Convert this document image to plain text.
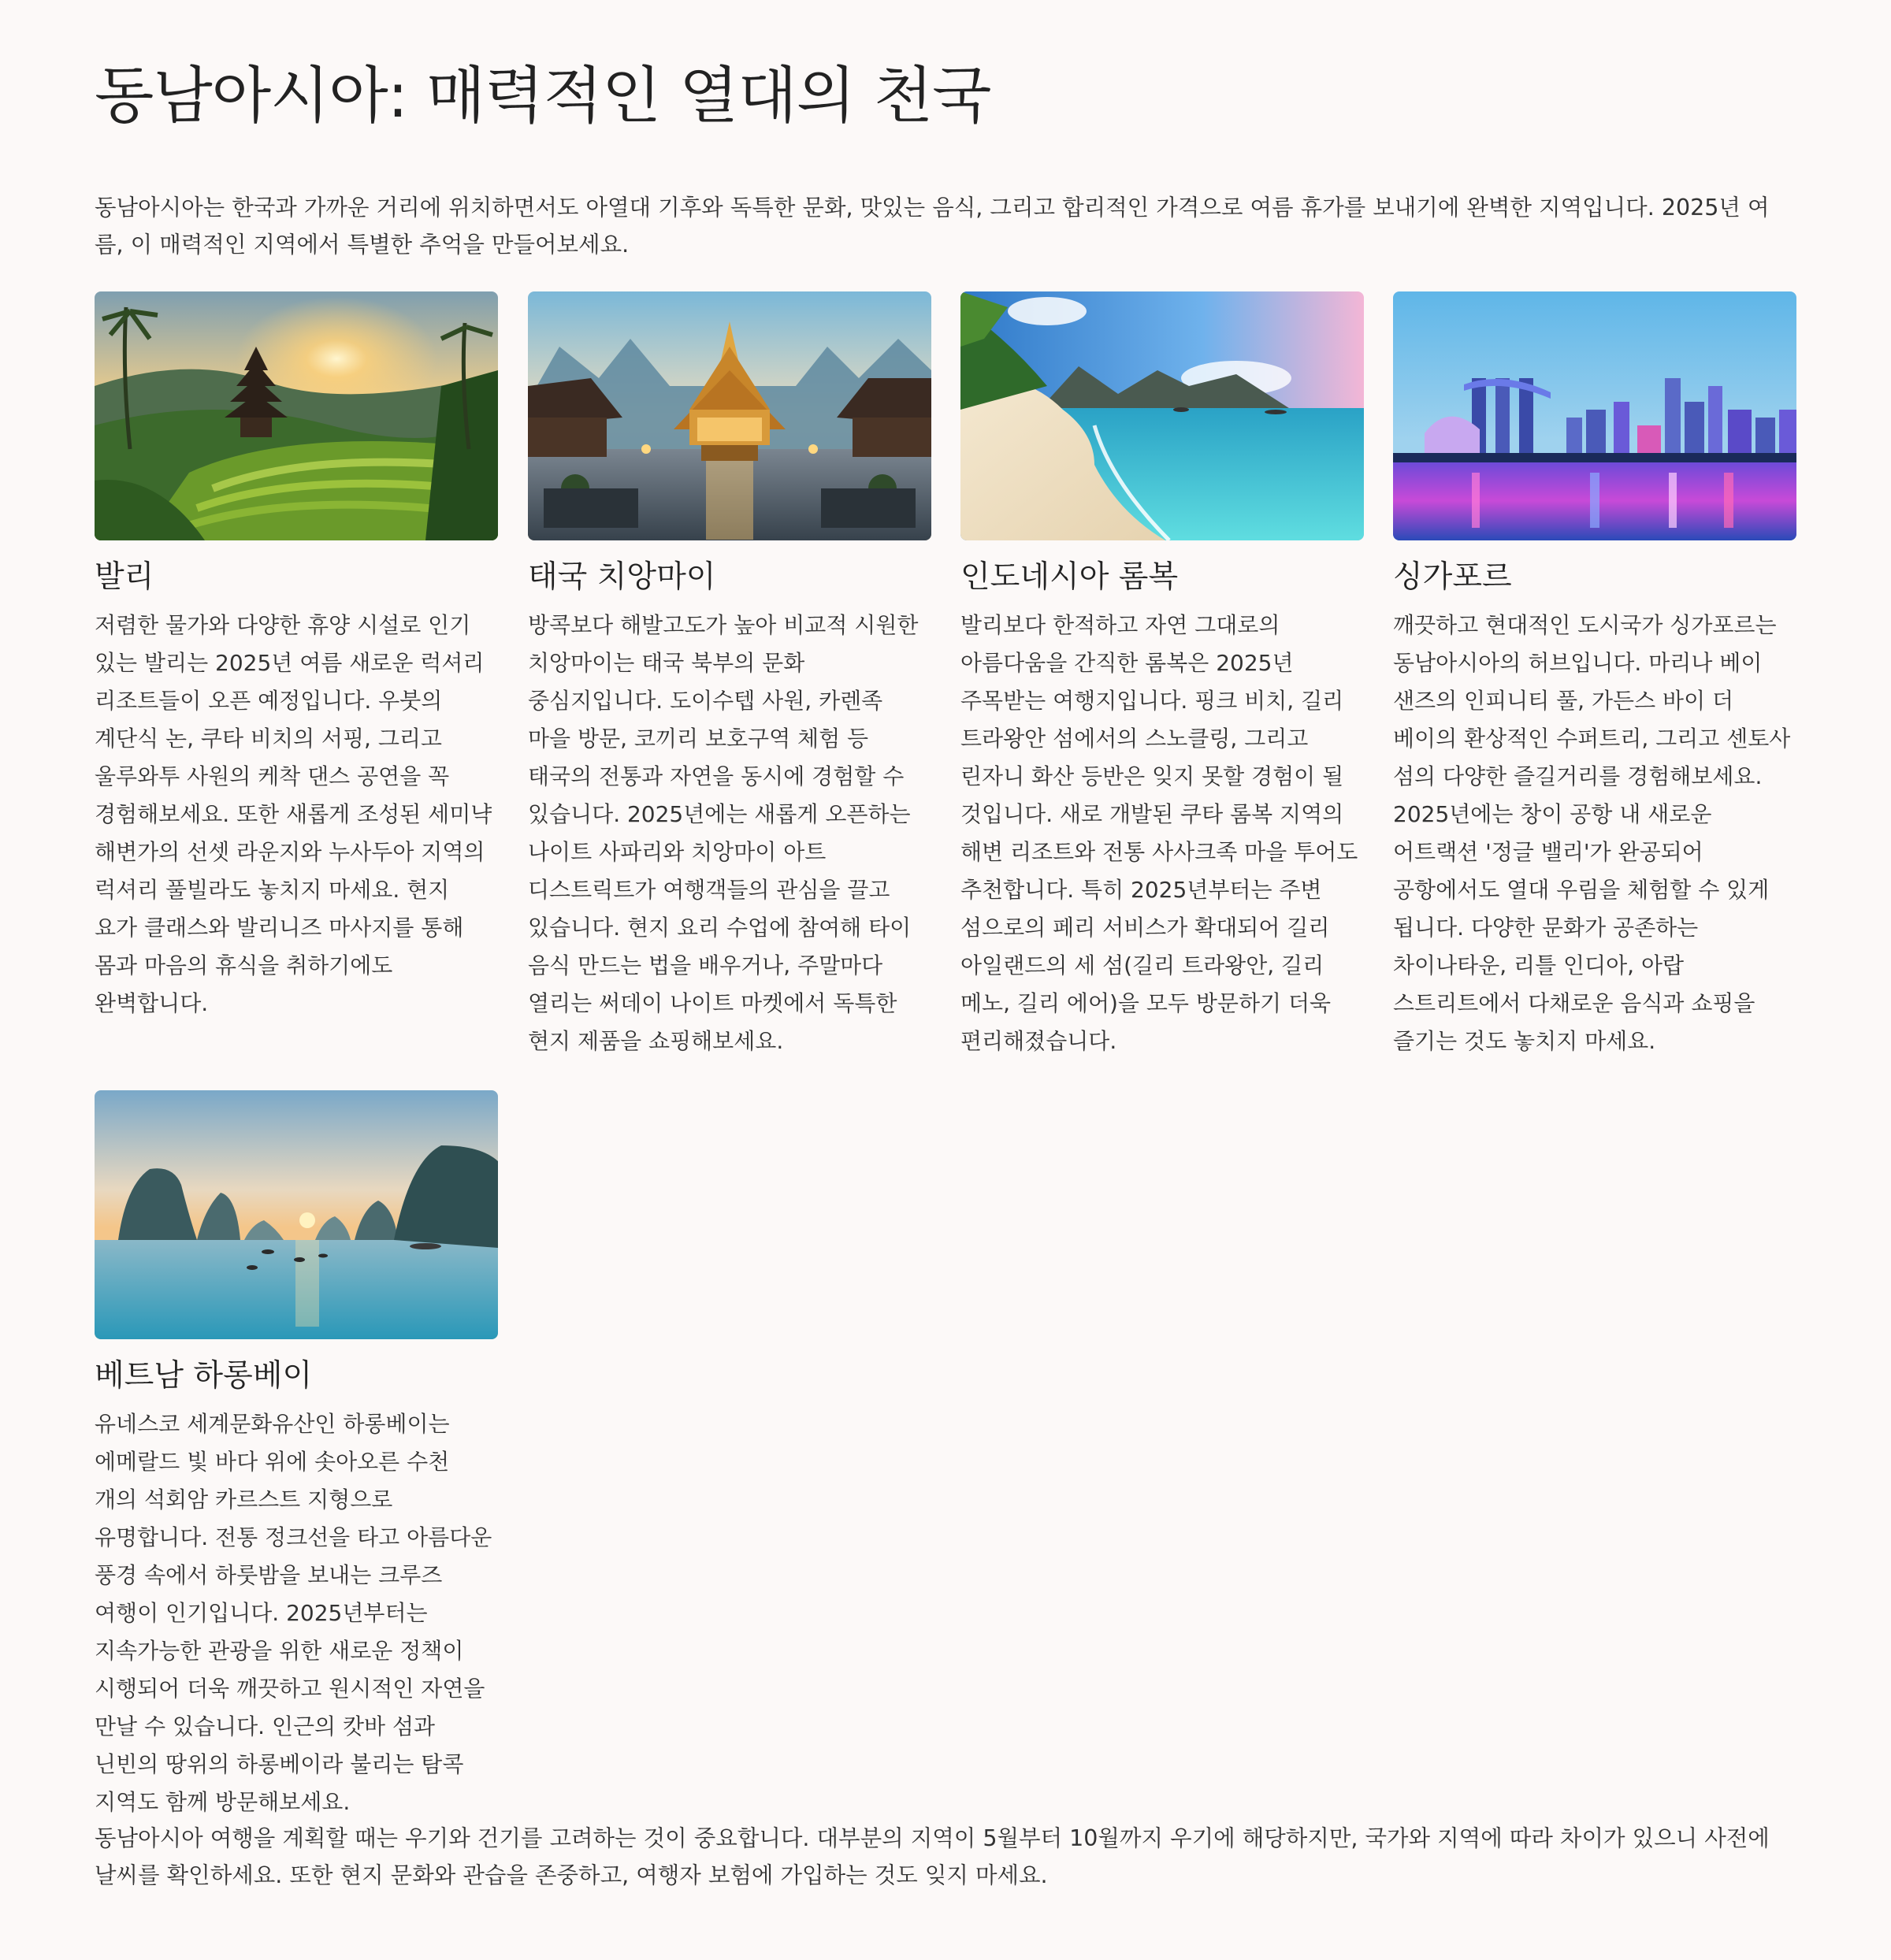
동남아시아: 매력적인 열대의 천국

동남아시아는 한국과 가까운 거리에 위치하면서도 아열대 기후와 독특한 문화, 맛있는 음식, 그리고 합리적인 가격으로 여름 휴가를 보내기에 완벽한 지역입니다. 2025년 여름, 이 매력적인 지역에서 특별한 추억을 만들어보세요.

발리
저렴한 물가와 다양한 휴양 시설로 인기 있는 발리는 2025년 여름 새로운 럭셔리 리조트들이 오픈 예정입니다. 우붓의 계단식 논, 쿠타 비치의 서핑, 그리고 울루와투 사원의 케착 댄스 공연을 꼭 경험해보세요. 또한 새롭게 조성된 세미냑 해변가의 선셋 라운지와 누사두아 지역의 럭셔리 풀빌라도 놓치지 마세요. 현지 요가 클래스와 발리니즈 마사지를 통해 몸과 마음의 휴식을 취하기에도 완벽합니다.
태국 치앙마이
방콕보다 해발고도가 높아 비교적 시원한 치앙마이는 태국 북부의 문화 중심지입니다. 도이수텝 사원, 카렌족 마을 방문, 코끼리 보호구역 체험 등 태국의 전통과 자연을 동시에 경험할 수 있습니다. 2025년에는 새롭게 오픈하는 나이트 사파리와 치앙마이 아트 디스트릭트가 여행객들의 관심을 끌고 있습니다. 현지 요리 수업에 참여해 타이 음식 만드는 법을 배우거나, 주말마다 열리는 써데이 나이트 마켓에서 독특한 현지 제품을 쇼핑해보세요.
인도네시아 롬복
발리보다 한적하고 자연 그대로의 아름다움을 간직한 롬복은 2025년 주목받는 여행지입니다. 핑크 비치, 길리 트라왕안 섬에서의 스노클링, 그리고 린자니 화산 등반은 잊지 못할 경험이 될 것입니다. 새로 개발된 쿠타 롬복 지역의 해변 리조트와 전통 사사크족 마을 투어도 추천합니다. 특히 2025년부터는 주변 섬으로의 페리 서비스가 확대되어 길리 아일랜드의 세 섬(길리 트라왕안, 길리 메노, 길리 에어)을 모두 방문하기 더욱 편리해졌습니다.
싱가포르
깨끗하고 현대적인 도시국가 싱가포르는 동남아시아의 허브입니다. 마리나 베이 샌즈의 인피니티 풀, 가든스 바이 더 베이의 환상적인 수퍼트리, 그리고 센토사 섬의 다양한 즐길거리를 경험해보세요. 2025년에는 창이 공항 내 새로운 어트랙션 '정글 밸리'가 완공되어 공항에서도 열대 우림을 체험할 수 있게 됩니다. 다양한 문화가 공존하는 차이나타운, 리틀 인디아, 아랍 스트리트에서 다채로운 음식과 쇼핑을 즐기는 것도 놓치지 마세요.
베트남 하롱베이
유네스코 세계문화유산인 하롱베이는 에메랄드 빛 바다 위에 솟아오른 수천 개의 석회암 카르스트 지형으로 유명합니다. 전통 정크선을 타고 아름다운 풍경 속에서 하룻밤을 보내는 크루즈 여행이 인기입니다. 2025년부터는 지속가능한 관광을 위한 새로운 정책이 시행되어 더욱 깨끗하고 원시적인 자연을 만날 수 있습니다. 인근의 캇바 섬과 닌빈의 땅위의 하롱베이라 불리는 탐콕 지역도 함께 방문해보세요.

동남아시아 여행을 계획할 때는 우기와 건기를 고려하는 것이 중요합니다. 대부분의 지역이 5월부터 10월까지 우기에 해당하지만, 국가와 지역에 따라 차이가 있으니 사전에 날씨를 확인하세요. 또한 현지 문화와 관습을 존중하고, 여행자 보험에 가입하는 것도 잊지 마세요.
